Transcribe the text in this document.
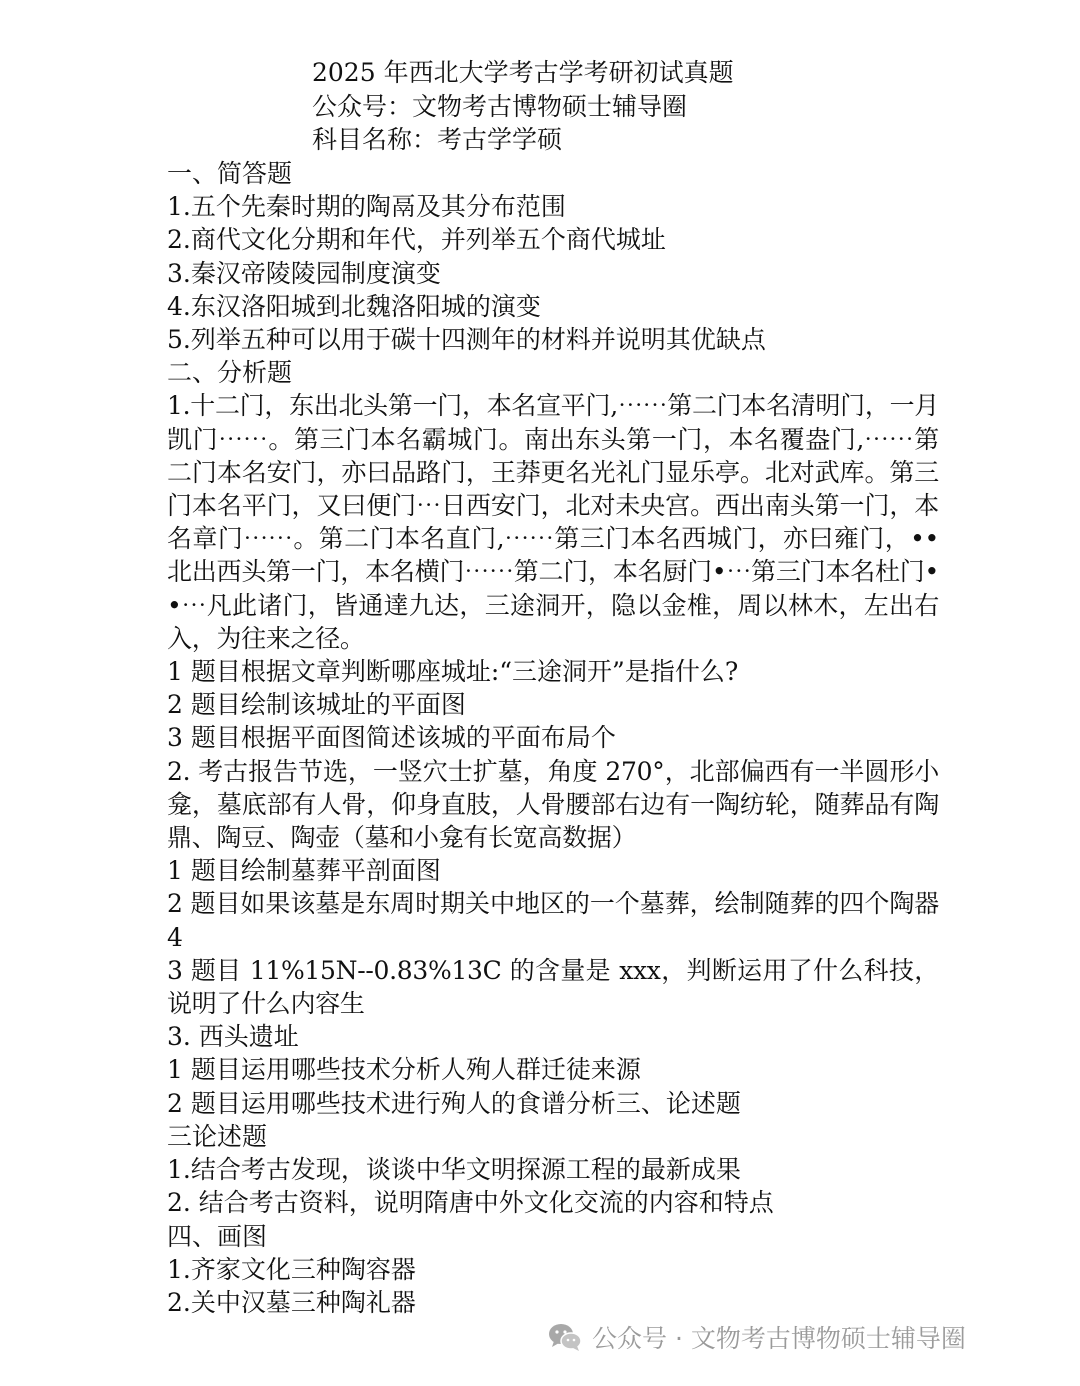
2025 年西北大学考古学考研初试真题
公众号：文物考古博物硕士辅导圈
科目名称：考古学学硕
一、简答题
1.五个先秦时期的陶鬲及其分布范围
2.商代文化分期和年代，并列举五个商代城址
3.秦汉帝陵陵园制度演变
4.东汉洛阳城到北魏洛阳城的演变
5.列举五种可以用于碳十四测年的材料并说明其优缺点
二、分析题
1.十二门，东出北头第一门，本名宣平门,⋯⋯第二门本名清明门，一月凯门⋯⋯。第三门本名霸城门。南出东头第一门，本名覆盎门,⋯⋯第二门本名安门，亦曰品路门，王莽更名光礼门显乐亭。北对武库。第三门本名平门，又曰便门⋯日西安门，北对未央宫。西出南头第一门，本名章门⋯⋯。第二门本名直门,⋯⋯第三门本名西城门，亦曰雍门，••北出西头第一门，本名横门⋯⋯第二门，本名厨门•⋯第三门本名杜门••⋯凡此诸门，皆通達九达，三途洞开，隐以金椎，周以林木，左出右入，为往来之径。
1 题目根据文章判断哪座城址:“三途洞开”是指什么?
2 题目绘制该城址的平面图
3 题目根据平面图简述该城的平面布局个
2. 考古报告节选，一竖穴士扩墓，角度 270°，北部偏西有一半圆形小龛，墓底部有人骨，仰身直肢，人骨腰部右边有一陶纺轮，随葬品有陶鼎、陶豆、陶壶（墓和小龛有长宽高数据）
1 题目绘制墓葬平剖面图
2 题目如果该墓是东周时期关中地区的一个墓葬，绘制随葬的四个陶器 4
3 题目 11%15N--0.83%13C 的含量是 xxx，判断运用了什么科技，说明了什么内容生
3. 西头遗址
1 题目运用哪些技术分析人殉人群迁徒来源
2 题目运用哪些技术进行殉人的食谱分析三、论述题
三论述题
1.结合考古发现，谈谈中华文明探源工程的最新成果
2. 结合考古资料，说明隋唐中外文化交流的内容和特点
四、画图
1.齐家文化三种陶容器
2.关中汉墓三种陶礼器
公众号 · 文物考古博物硕士辅导圈
